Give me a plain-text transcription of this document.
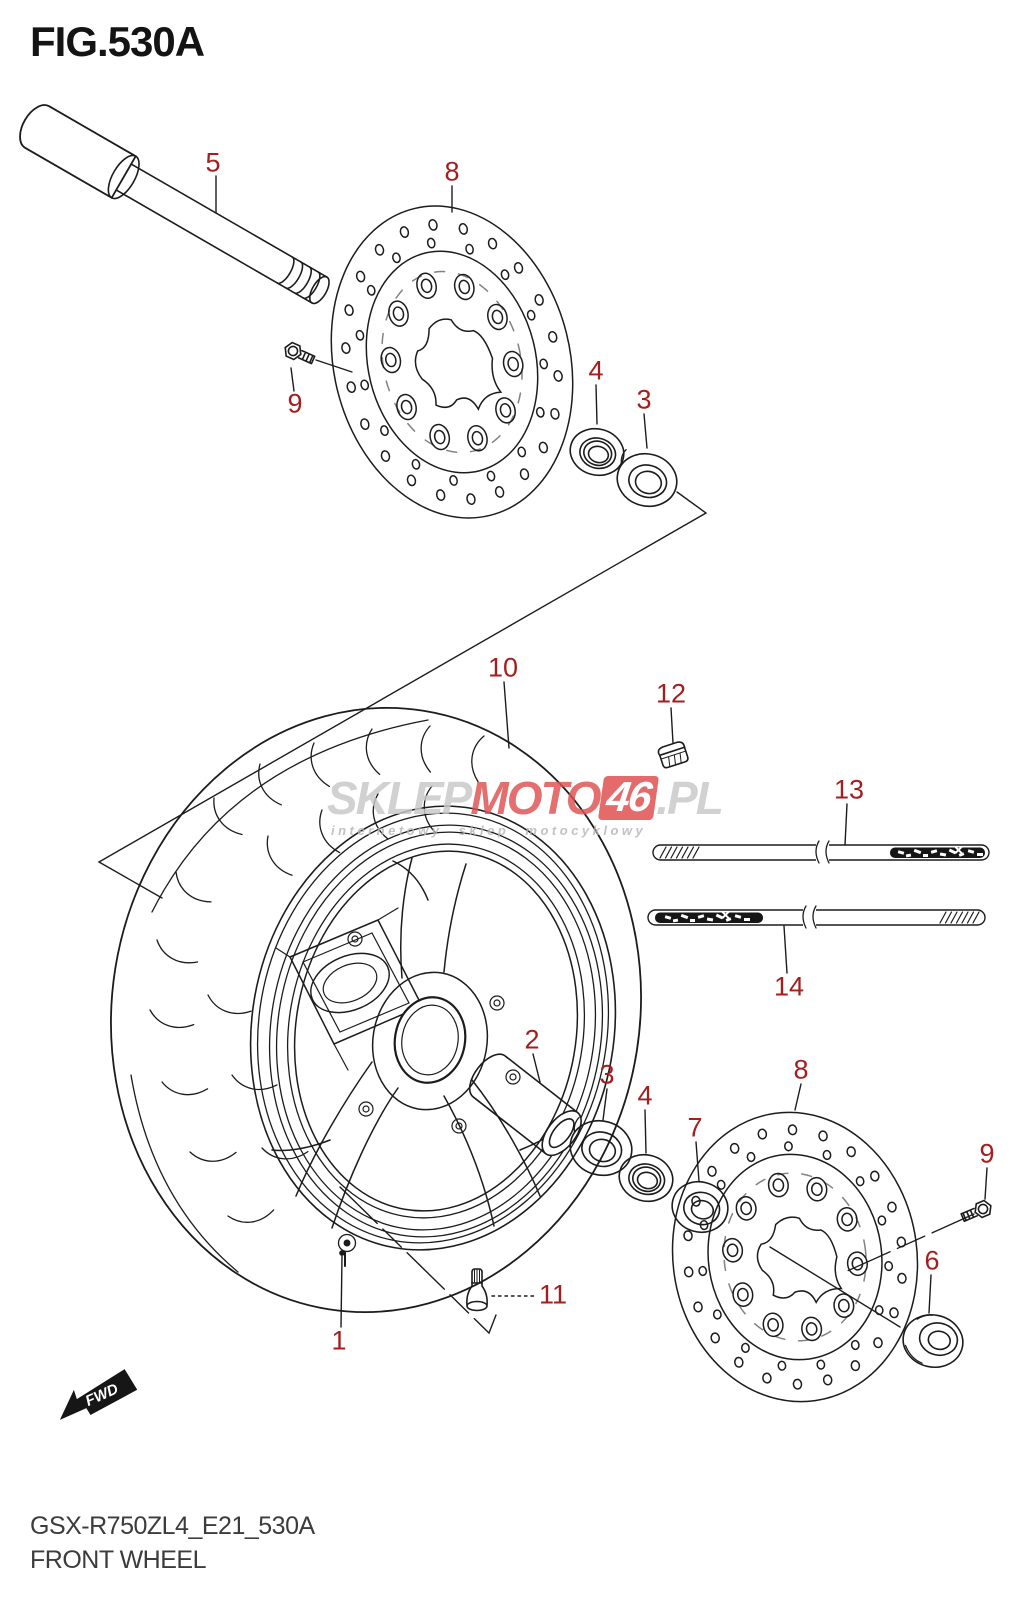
FIG.530A
FWD
SKLEP MOTO 46 .PL
internetowy sklep motocyklowy
5	8
9
4
3
10
12
13
14
2
3
4
7
8
9
6
11
1
GSX-R750ZL4_E21_530A
FRONT WHEEL
